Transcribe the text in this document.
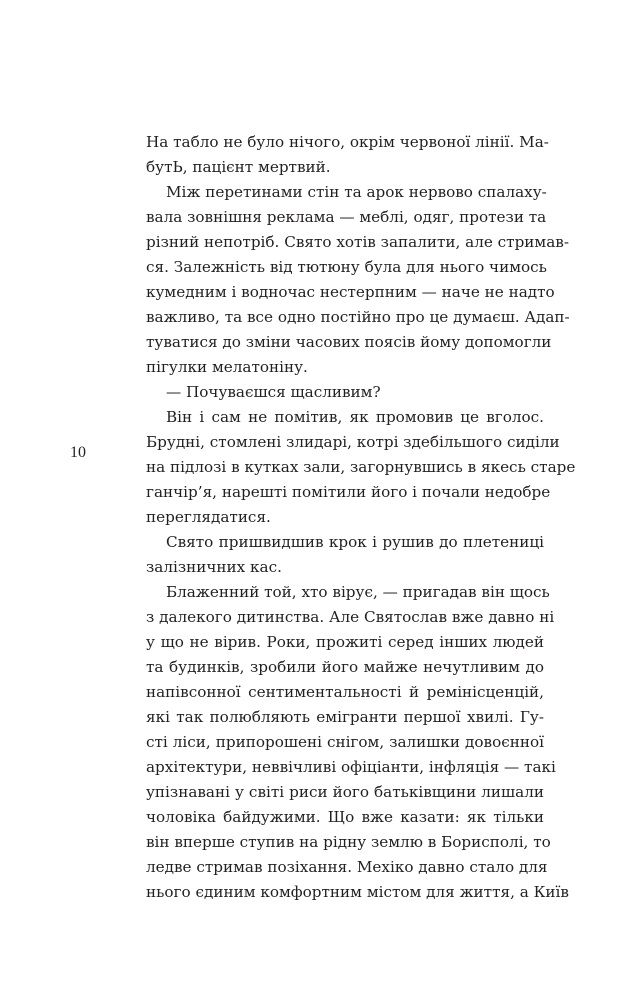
10
На табло не було нічого, окрім червоної лінії. Ма-
бутЬ, пацієнт мертвий.
Між перетинами стін та арок нервово спалаху-
вала зовнішня реклама — меблі, одяг, протези та
різний непотріб. Свято хотів запалити, але стримав-
ся. Залежність від тютюну була для нього чимось
кумедним і водночас нестерпним — наче не надто
важливо, та все одно постійно про це думаєш. Адап-
туватися до зміни часових поясів йому допомогли
пігулки мелатоніну.
— Почуваєшся щасливим?
Він і сам не помітив, як промовив це вголос.
Брудні, стомлені злидарі, котрі здебільшого сиділи
на підлозі в кутках зали, загорнувшись в якесь старе
ганчір’я, нарешті помітили його і почали недобре
переглядатися.
Свято пришвидшив крок і рушив до плетениці
залізничних кас.
Блаженний той, хто вірує, — пригадав він щось
з далекого дитинства. Але Святослав вже давно ні
у що не вірив. Роки, прожиті серед інших людей
та будинків, зробили його майже нечутливим до
напівсонної сентиментальності й ремінісценцій,
які так полюбляють емігранти першої хвилі. Гу-
сті ліси, припорошені снігом, залишки довоєнної
архітектури, неввічливі офіціанти, інфляція — такі
упізнавані у світі риси його батьківщини лишали
чоловіка байдужими. Що вже казати: як тільки
він вперше ступив на рідну землю в Борисполі, то
ледве стримав позіхання. Мехіко давно стало для
нього єдиним комфортним містом для життя, а Київ
